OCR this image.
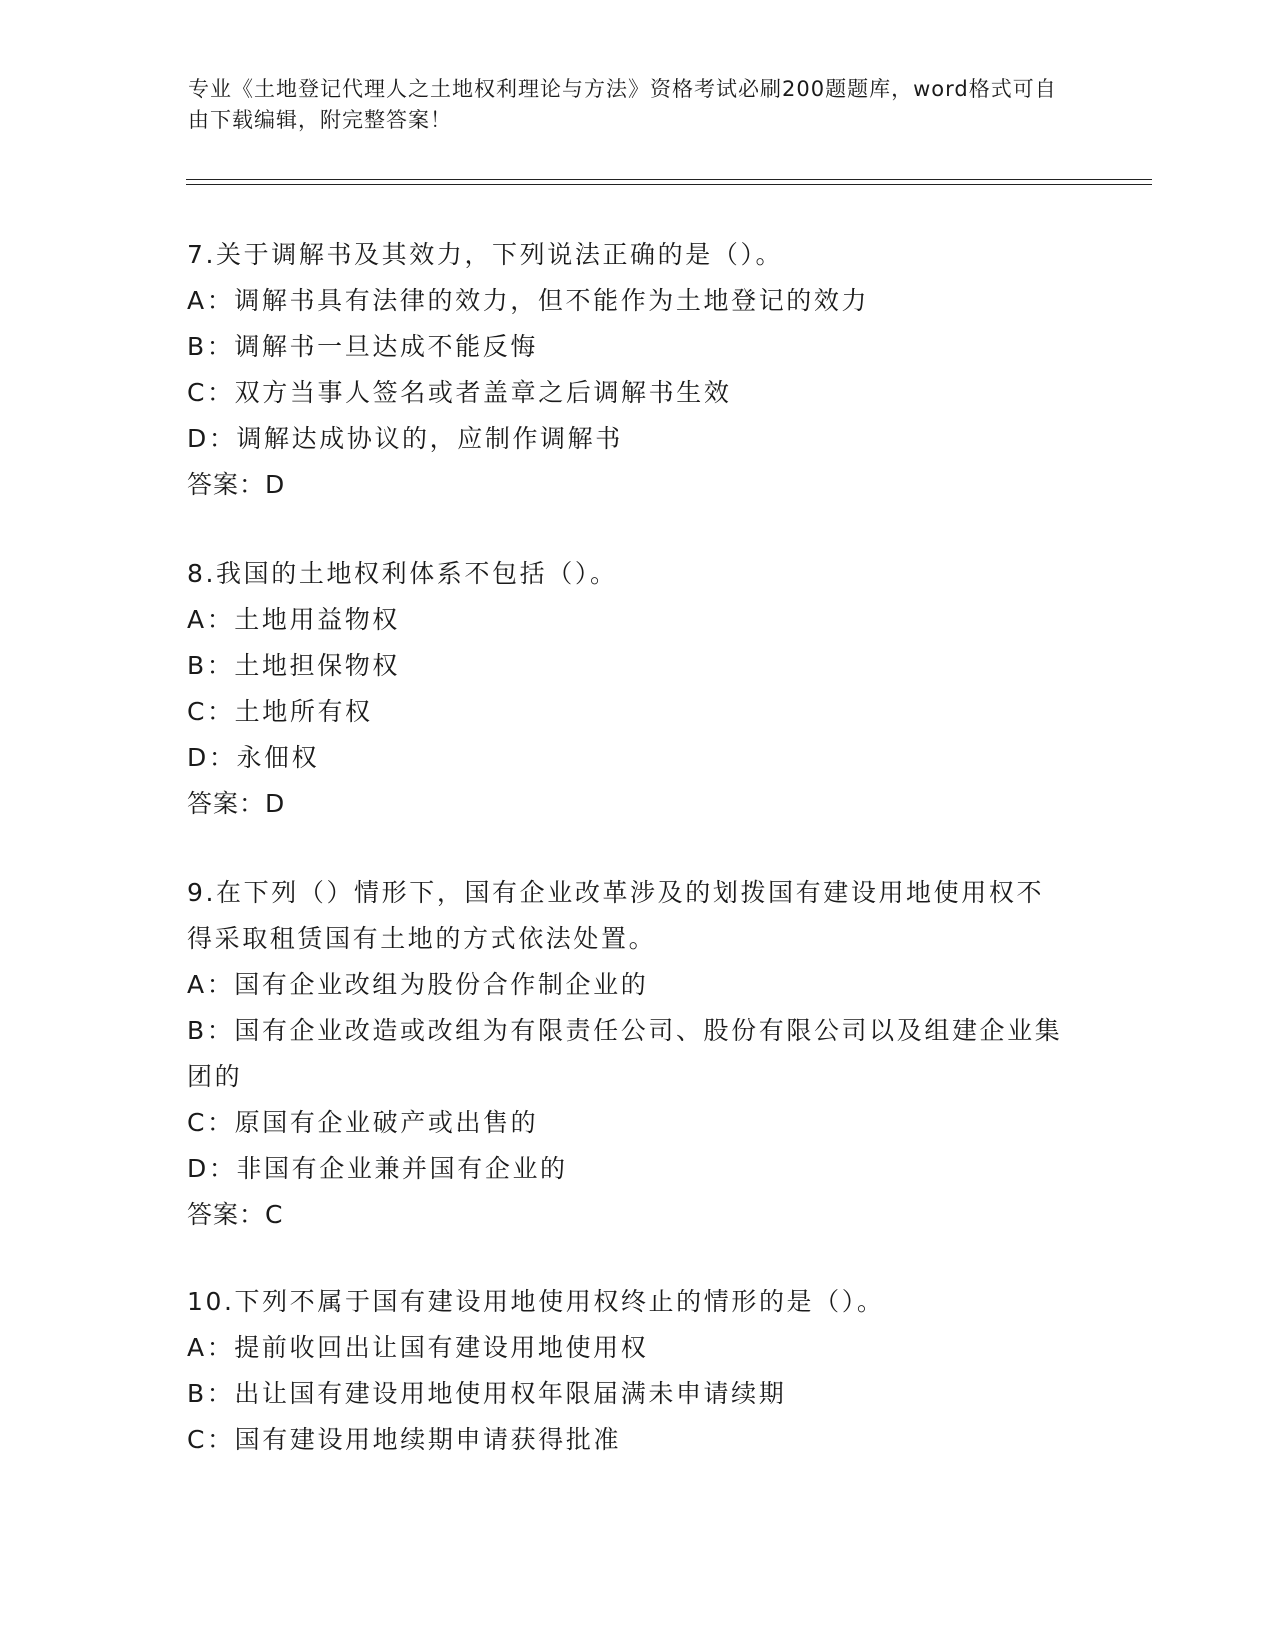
专业《土地登记代理人之土地权利理论与方法》资格考试必刷200题题库，word格式可自由下载编辑，附完整答案！
7.关于调解书及其效力，下列说法正确的是（）。
A：调解书具有法律的效力，但不能作为土地登记的效力
B：调解书一旦达成不能反悔
C：双方当事人签名或者盖章之后调解书生效
D：调解达成协议的，应制作调解书
答案：D
8.我国的土地权利体系不包括（）。
A：土地用益物权
B：土地担保物权
C：土地所有权
D：永佃权
答案：D
9.在下列（）情形下，国有企业改革涉及的划拨国有建设用地使用权不得采取租赁国有土地的方式依法处置。
A：国有企业改组为股份合作制企业的
B：国有企业改造或改组为有限责任公司、股份有限公司以及组建企业集团的
C：原国有企业破产或出售的
D：非国有企业兼并国有企业的
答案：C
10.下列不属于国有建设用地使用权终止的情形的是（）。
A：提前收回出让国有建设用地使用权
B：出让国有建设用地使用权年限届满未申请续期
C：国有建设用地续期申请获得批准
